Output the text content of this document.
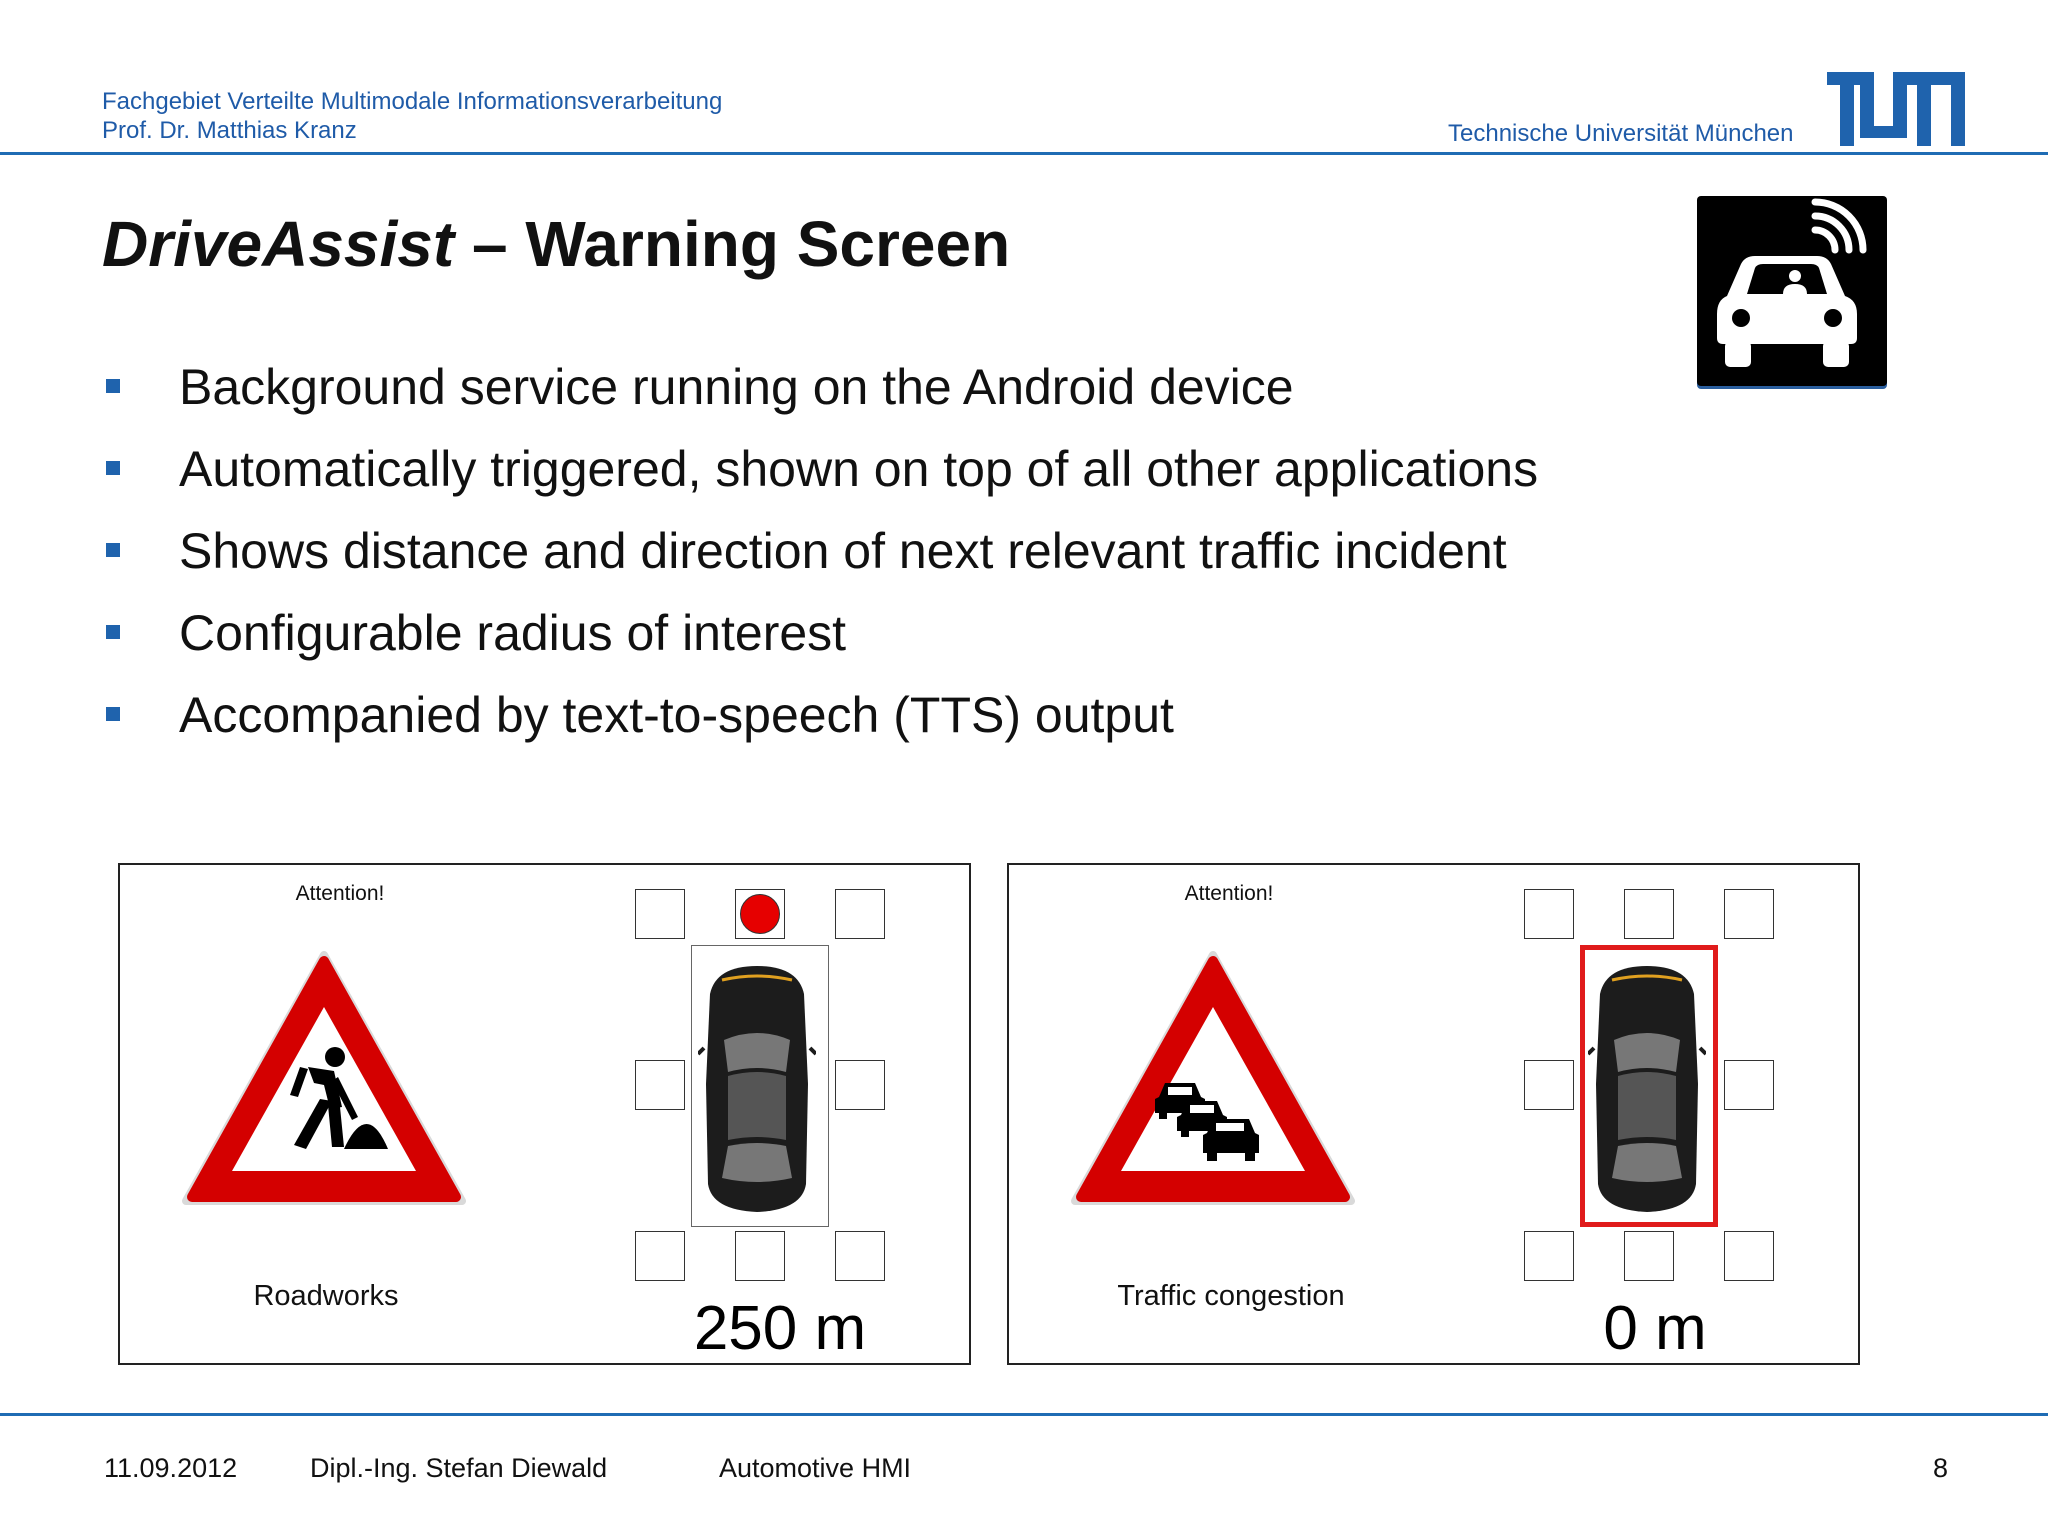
Fachgebiet Verteilte Multimodale Informationsverarbeitung
Prof. Dr. Matthias Kranz	Technische Universität München
DriveAssist – Warning Screen
Background service running on the Android device
Automatically triggered, shown on top of all other applications
Shows distance and direction of next relevant traffic incident
Configurable radius of interest
Accompanied by text-to-speech (TTS) output
Attention!
Roadworks	250 m
Attention!
Traffic congestion	0 m
11.09.2012	Dipl.-Ing. Stefan Diewald	Automotive HMI	8
